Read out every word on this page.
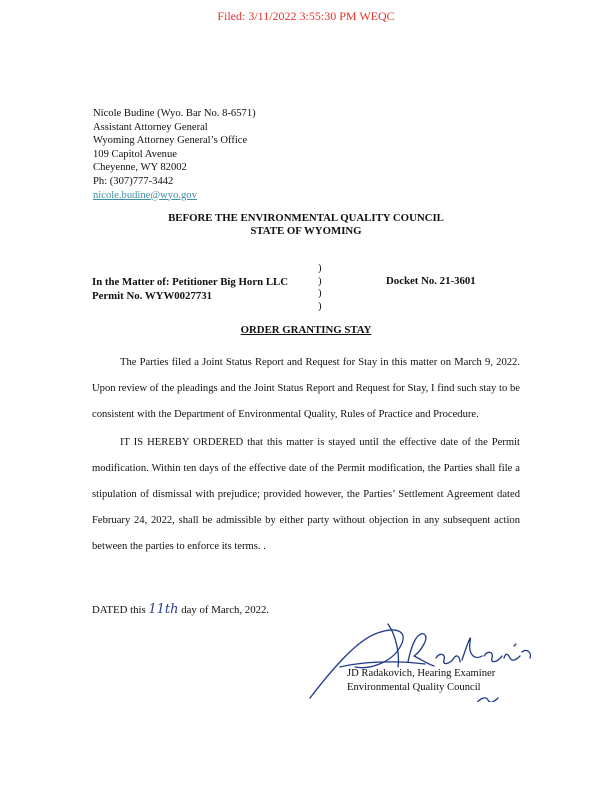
Filed: 3/11/2022 3:55:30 PM WEQC
Nicole Budine (Wyo. Bar No. 8-6571)
Assistant Attorney General
Wyoming Attorney General’s Office
109 Capitol Avenue
Cheyenne, WY 82002
Ph: (307)777-3442
nicole.budine@wyo.gov
BEFORE THE ENVIRONMENTAL QUALITY COUNCIL
STATE OF WYOMING
In the Matter of: Petitioner Big Horn LLC
Permit No. WYW0027731
)
)
)
)
Docket No. 21-3601
ORDER GRANTING STAY

The Parties filed a Joint Status Report and Request for Stay in this matter on March 9, 2022. Upon review of the pleadings and the Joint Status Report and Request for Stay, I find such stay to be consistent with the Department of Environmental Quality, Rules of Practice and Procedure.

IT IS HEREBY ORDERED that this matter is stayed until the effective date of the Permit modification. Within ten days of the effective date of the Permit modification, the Parties shall file a stipulation of dismissal with prejudice; provided however, the Parties’ Settlement Agreement dated February 24, 2022, shall be admissible by either party without objection in any subsequent action between the parties to enforce its terms. .

DATED this 11th day of March, 2022.
JD Radakovich, Hearing Examiner
Environmental Quality Council
